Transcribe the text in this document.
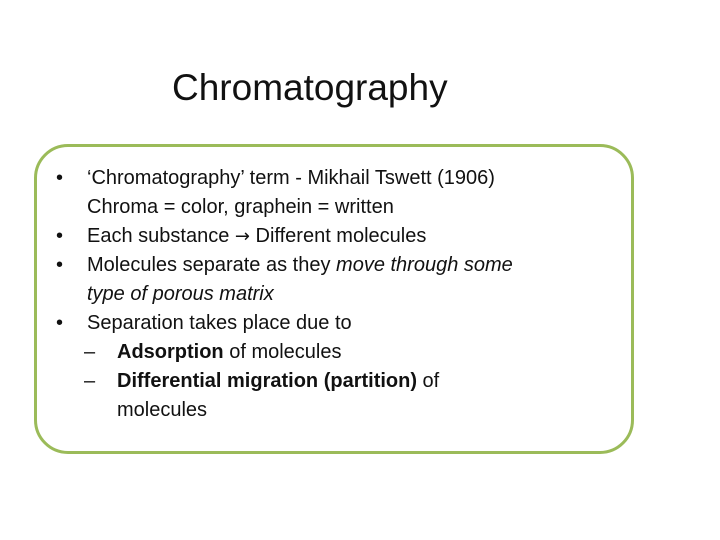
Chromatography
• ‘Chromatography’ term - Mikhail Tswett (1906)
Chroma = color, graphein = written
• Each substance → Different molecules
• Molecules separate as they move through some
type of porous matrix
• Separation takes place due to
– Adsorption of molecules
– Differential migration (partition) of
molecules
